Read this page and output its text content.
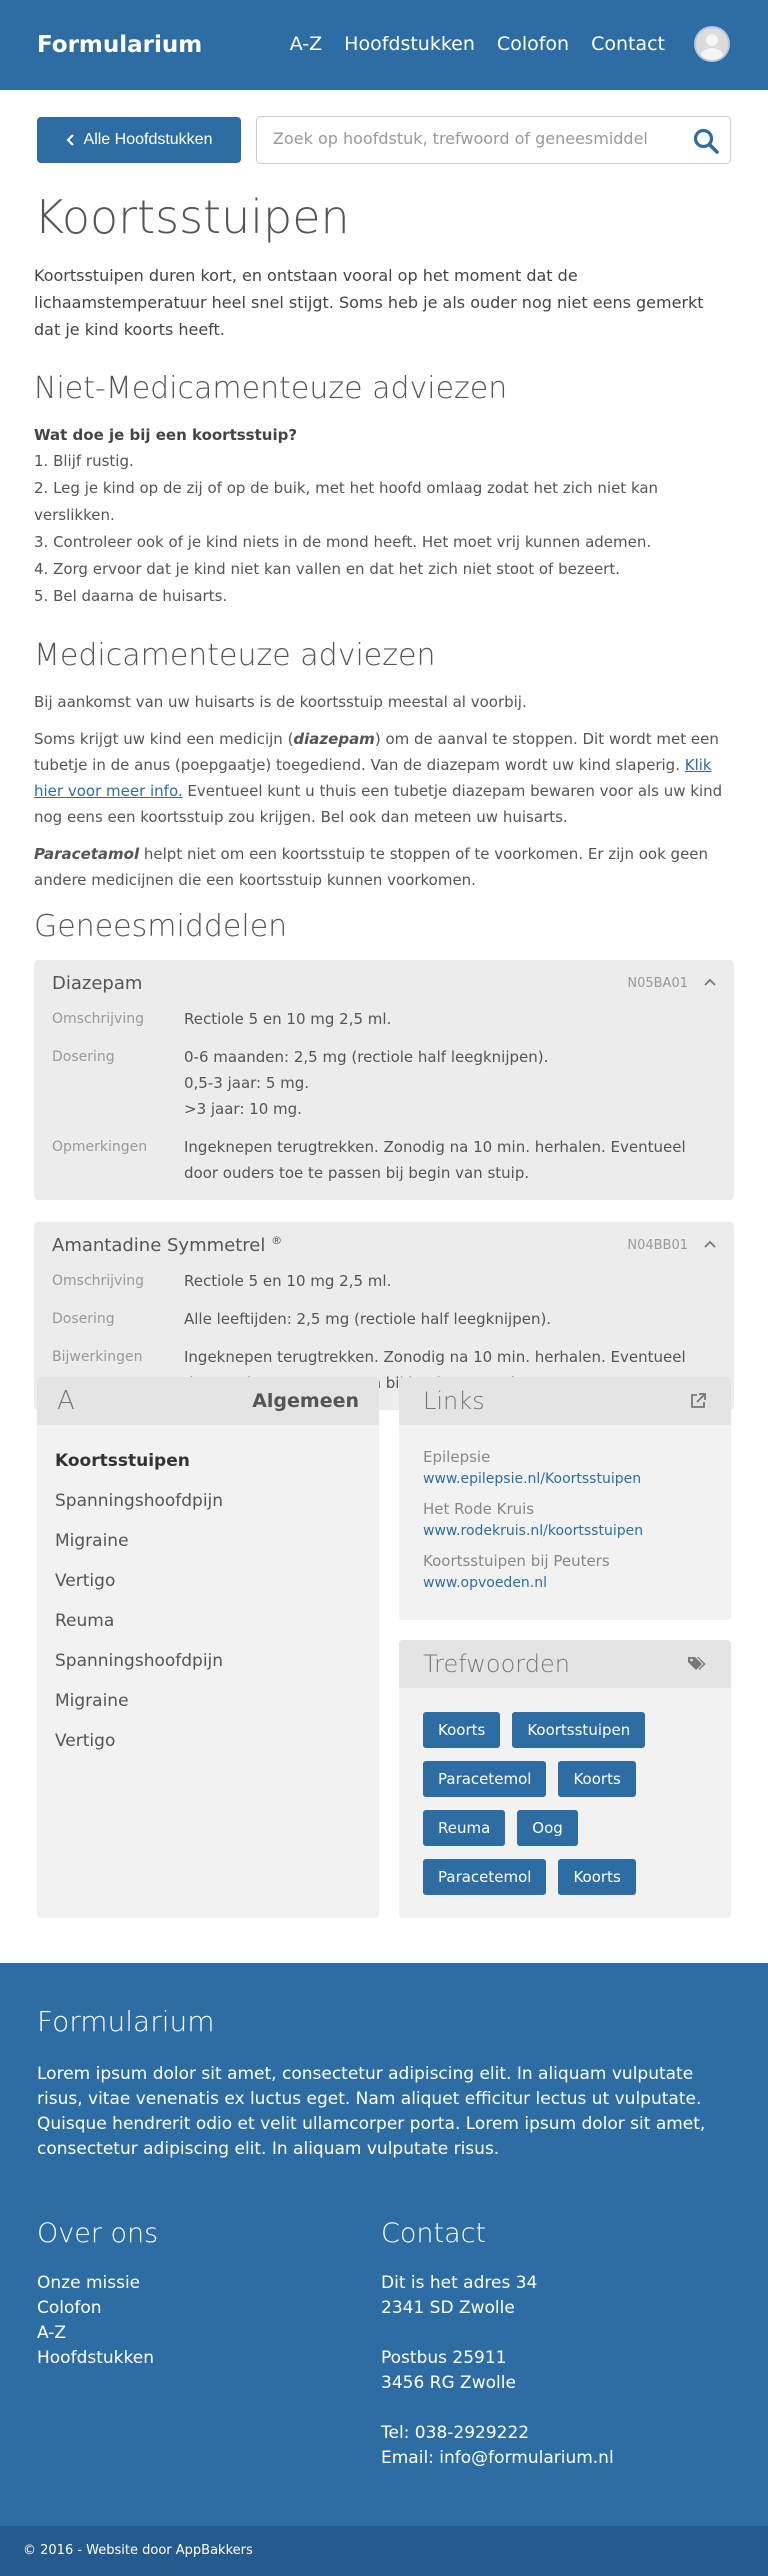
Formularium	A-Z Hoofdstukken Colofon Contact
Alle Hoofdstukken
Zoek op hoofdstuk, trefwoord of geneesmiddel
Koortsstuipen

Koortsstuipen duren kort, en ontstaan vooral op het moment dat de lichaamstemperatuur heel snel stijgt. Soms heb je als ouder nog niet eens gemerkt dat je kind koorts heeft.

Niet-Medicamenteuze adviezen
Wat doe je bij een koortsstuip?
1. Blijf rustig.
2. Leg je kind op de zij of op de buik, met het hoofd omlaag zodat het zich niet kan verslikken.
3. Controleer ook of je kind niets in de mond heeft. Het moet vrij kunnen ademen.
4. Zorg ervoor dat je kind niet kan vallen en dat het zich niet stoot of bezeert.
5. Bel daarna de huisarts.
Medicamenteuze adviezen

Bij aankomst van uw huisarts is de koortsstuip meestal al voorbij.

Soms krijgt uw kind een medicijn (diazepam) om de aanval te stoppen. Dit wordt met een tubetje in de anus (poepgaatje) toegediend. Van de diazepam wordt uw kind slaperig. Klik hier voor meer info. Eventueel kunt u thuis een tubetje diazepam bewaren voor als uw kind nog eens een koortsstuip zou krijgen. Bel ook dan meteen uw huisarts.

Paracetamol helpt niet om een koortsstuip te stoppen of te voorkomen. Er zijn ook geen andere medicijnen die een koortsstuip kunnen voorkomen.

Geneesmiddelen
Diazepam	N05BA01
Omschrijving	Rectiole 5 en 10 mg 2,5 ml.
Dosering	0-6 maanden: 2,5 mg (rectiole half leegknijpen).
0,5-3 jaar: 5 mg.
>3 jaar: 10 mg.
Opmerkingen	Ingeknepen terugtrekken. Zonodig na 10 min. herhalen. Eventueel door ouders toe te passen bij begin van stuip.
Amantadine Symmetrel ®	N04BB01
Omschrijving	Rectiole 5 en 10 mg 2,5 ml.
Dosering	Alle leeftijden: 2,5 mg (rectiole half leegknijpen).
Bijwerkingen	Ingeknepen terugtrekken. Zonodig na 10 min. herhalen. Eventueel bij
A	Algemeen
Koortsstuipen
Spanningshoofdpijn
Migraine
Vertigo
Reuma
Spanningshoofdpijn
Migraine
Vertigo
Links
Epilepsie
www.epilepsie.nl/Koortsstuipen
Het Rode Kruis
www.rodekruis.nl/koortsstuipen
Koortsstuipen bij Peuters
www.opvoeden.nl
Trefwoorden
Koorts	Koortsstuipen
Paracetemol	Koorts
Reuma	Oog
Paracetemol	Koorts
Formularium
Lorem ipsum dolor sit amet, consectetur adipiscing elit. In aliquam vulputate risus, vitae venenatis ex luctus eget. Nam aliquet efficitur lectus ut vulputate. Quisque hendrerit odio et velit ullamcorper porta. Lorem ipsum dolor sit amet, consectetur adipiscing elit. In aliquam vulputate risus.
Over ons
Onze missie
Colofon
A-Z
Hoofdstukken
Contact
Dit is het adres 34
2341 SD Zwolle
Postbus 25911
3456 RG Zwolle
Tel: 038-2929222
Email: info@formularium.nl
© 2016 - Website door AppBakkers
